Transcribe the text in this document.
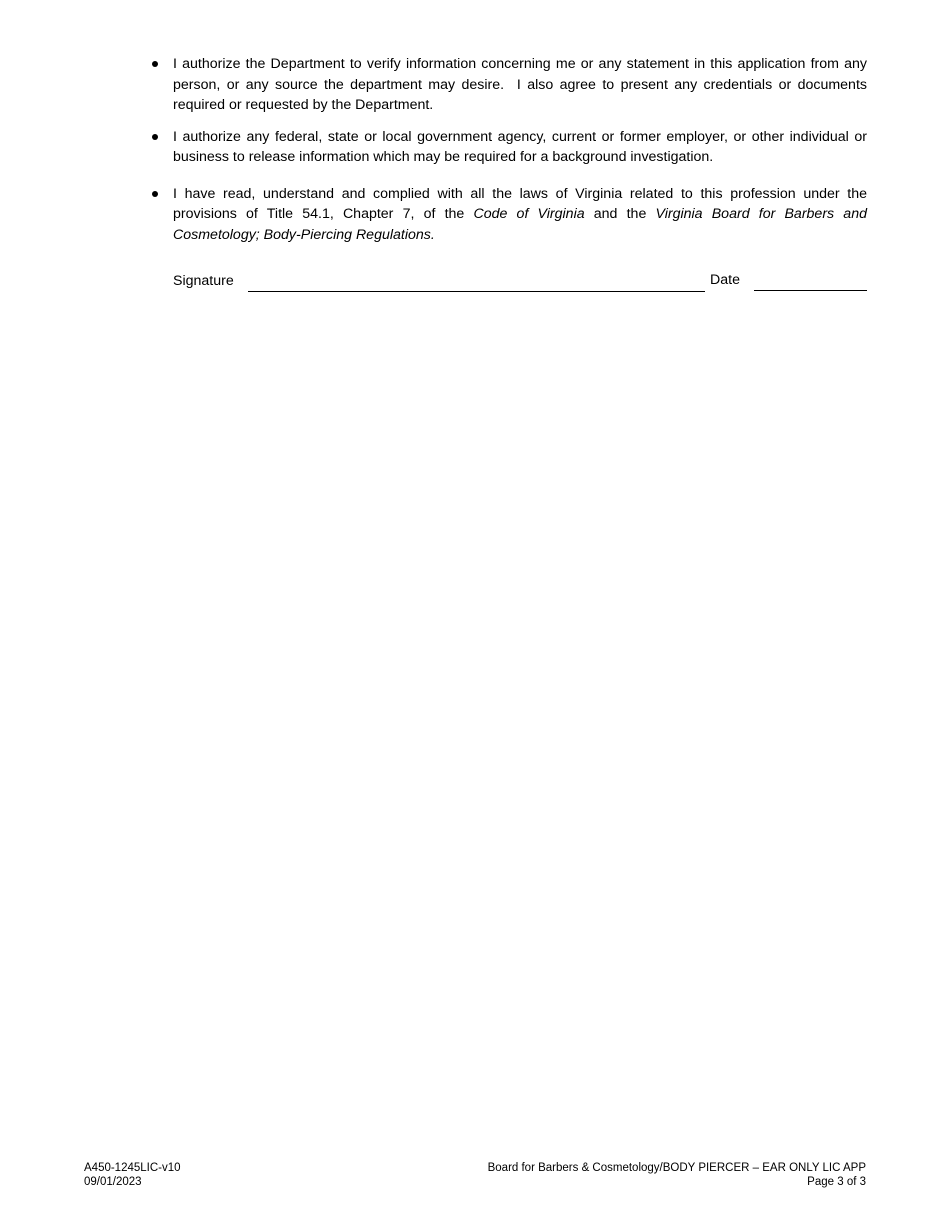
I authorize the Department to verify information concerning me or any statement in this application from any person, or any source the department may desire.  I also agree to present any credentials or documents required or requested by the Department.
I authorize any federal, state or local government agency, current or former employer, or other individual or business to release information which may be required for a background investigation.
I have read, understand and complied with all the laws of Virginia related to this profession under the provisions of Title 54.1, Chapter 7, of the Code of Virginia and the Virginia Board for Barbers and Cosmetology; Body-Piercing Regulations.
Signature	Date
A450-1245LIC-v10
09/01/2023
Board for Barbers & Cosmetology/BODY PIERCER – EAR ONLY LIC APP
Page 3 of 3
